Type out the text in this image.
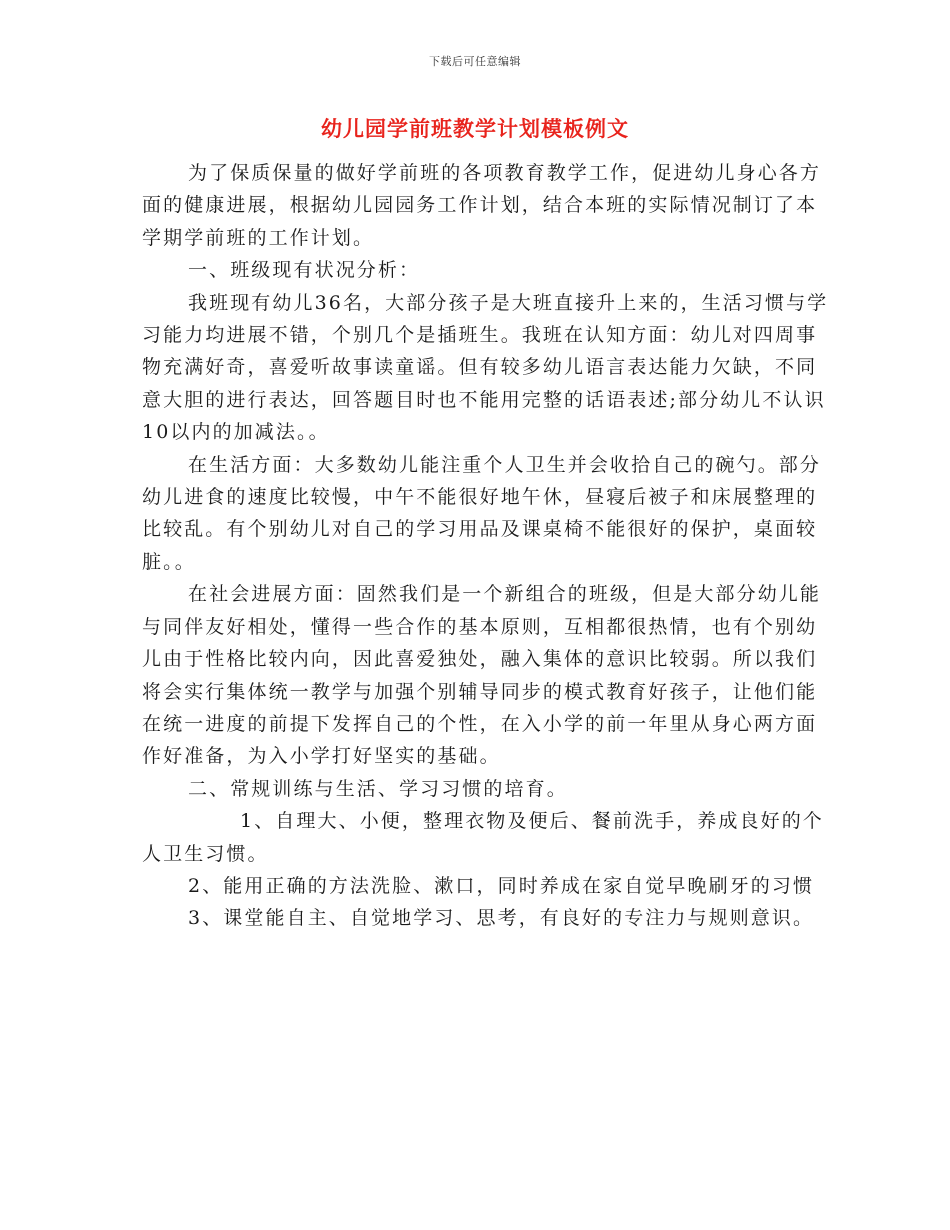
下载后可任意编辑
幼儿园学前班教学计划模板例文

为了保质保量的做好学前班的各项教育教学工作，促进幼儿身心各方面的健康进展，根据幼儿园园务工作计划，结合本班的实际情况制订了本学期学前班的工作计划。

一、班级现有状况分析：

我班现有幼儿36名，大部分孩子是大班直接升上来的，生活习惯与学习能力均进展不错，个别几个是插班生。我班在认知方面：幼儿对四周事物充满好奇，喜爱听故事读童谣。但有较多幼儿语言表达能力欠缺，不同意大胆的进行表达，回答题目时也不能用完整的话语表述;部分幼儿不认识10以内的加减法。。

在生活方面：大多数幼儿能注重个人卫生并会收拾自己的碗勺。部分幼儿进食的速度比较慢，中午不能很好地午休，昼寝后被子和床展整理的比较乱。有个别幼儿对自己的学习用品及课桌椅不能很好的保护，桌面较脏。。

在社会进展方面：固然我们是一个新组合的班级，但是大部分幼儿能与同伴友好相处，懂得一些合作的基本原则，互相都很热情，也有个别幼儿由于性格比较内向，因此喜爱独处，融入集体的意识比较弱。所以我们将会实行集体统一教学与加强个别辅导同步的模式教育好孩子，让他们能在统一进度的前提下发挥自己的个性，在入小学的前一年里从身心两方面作好准备，为入小学打好坚实的基础。

二、常规训练与生活、学习习惯的培育。

1、自理大、小便，整理衣物及便后、餐前洗手，养成良好的个人卫生习惯。

2、能用正确的方法洗脸、漱口，同时养成在家自觉早晚刷牙的习惯

3、课堂能自主、自觉地学习、思考，有良好的专注力与规则意识。
